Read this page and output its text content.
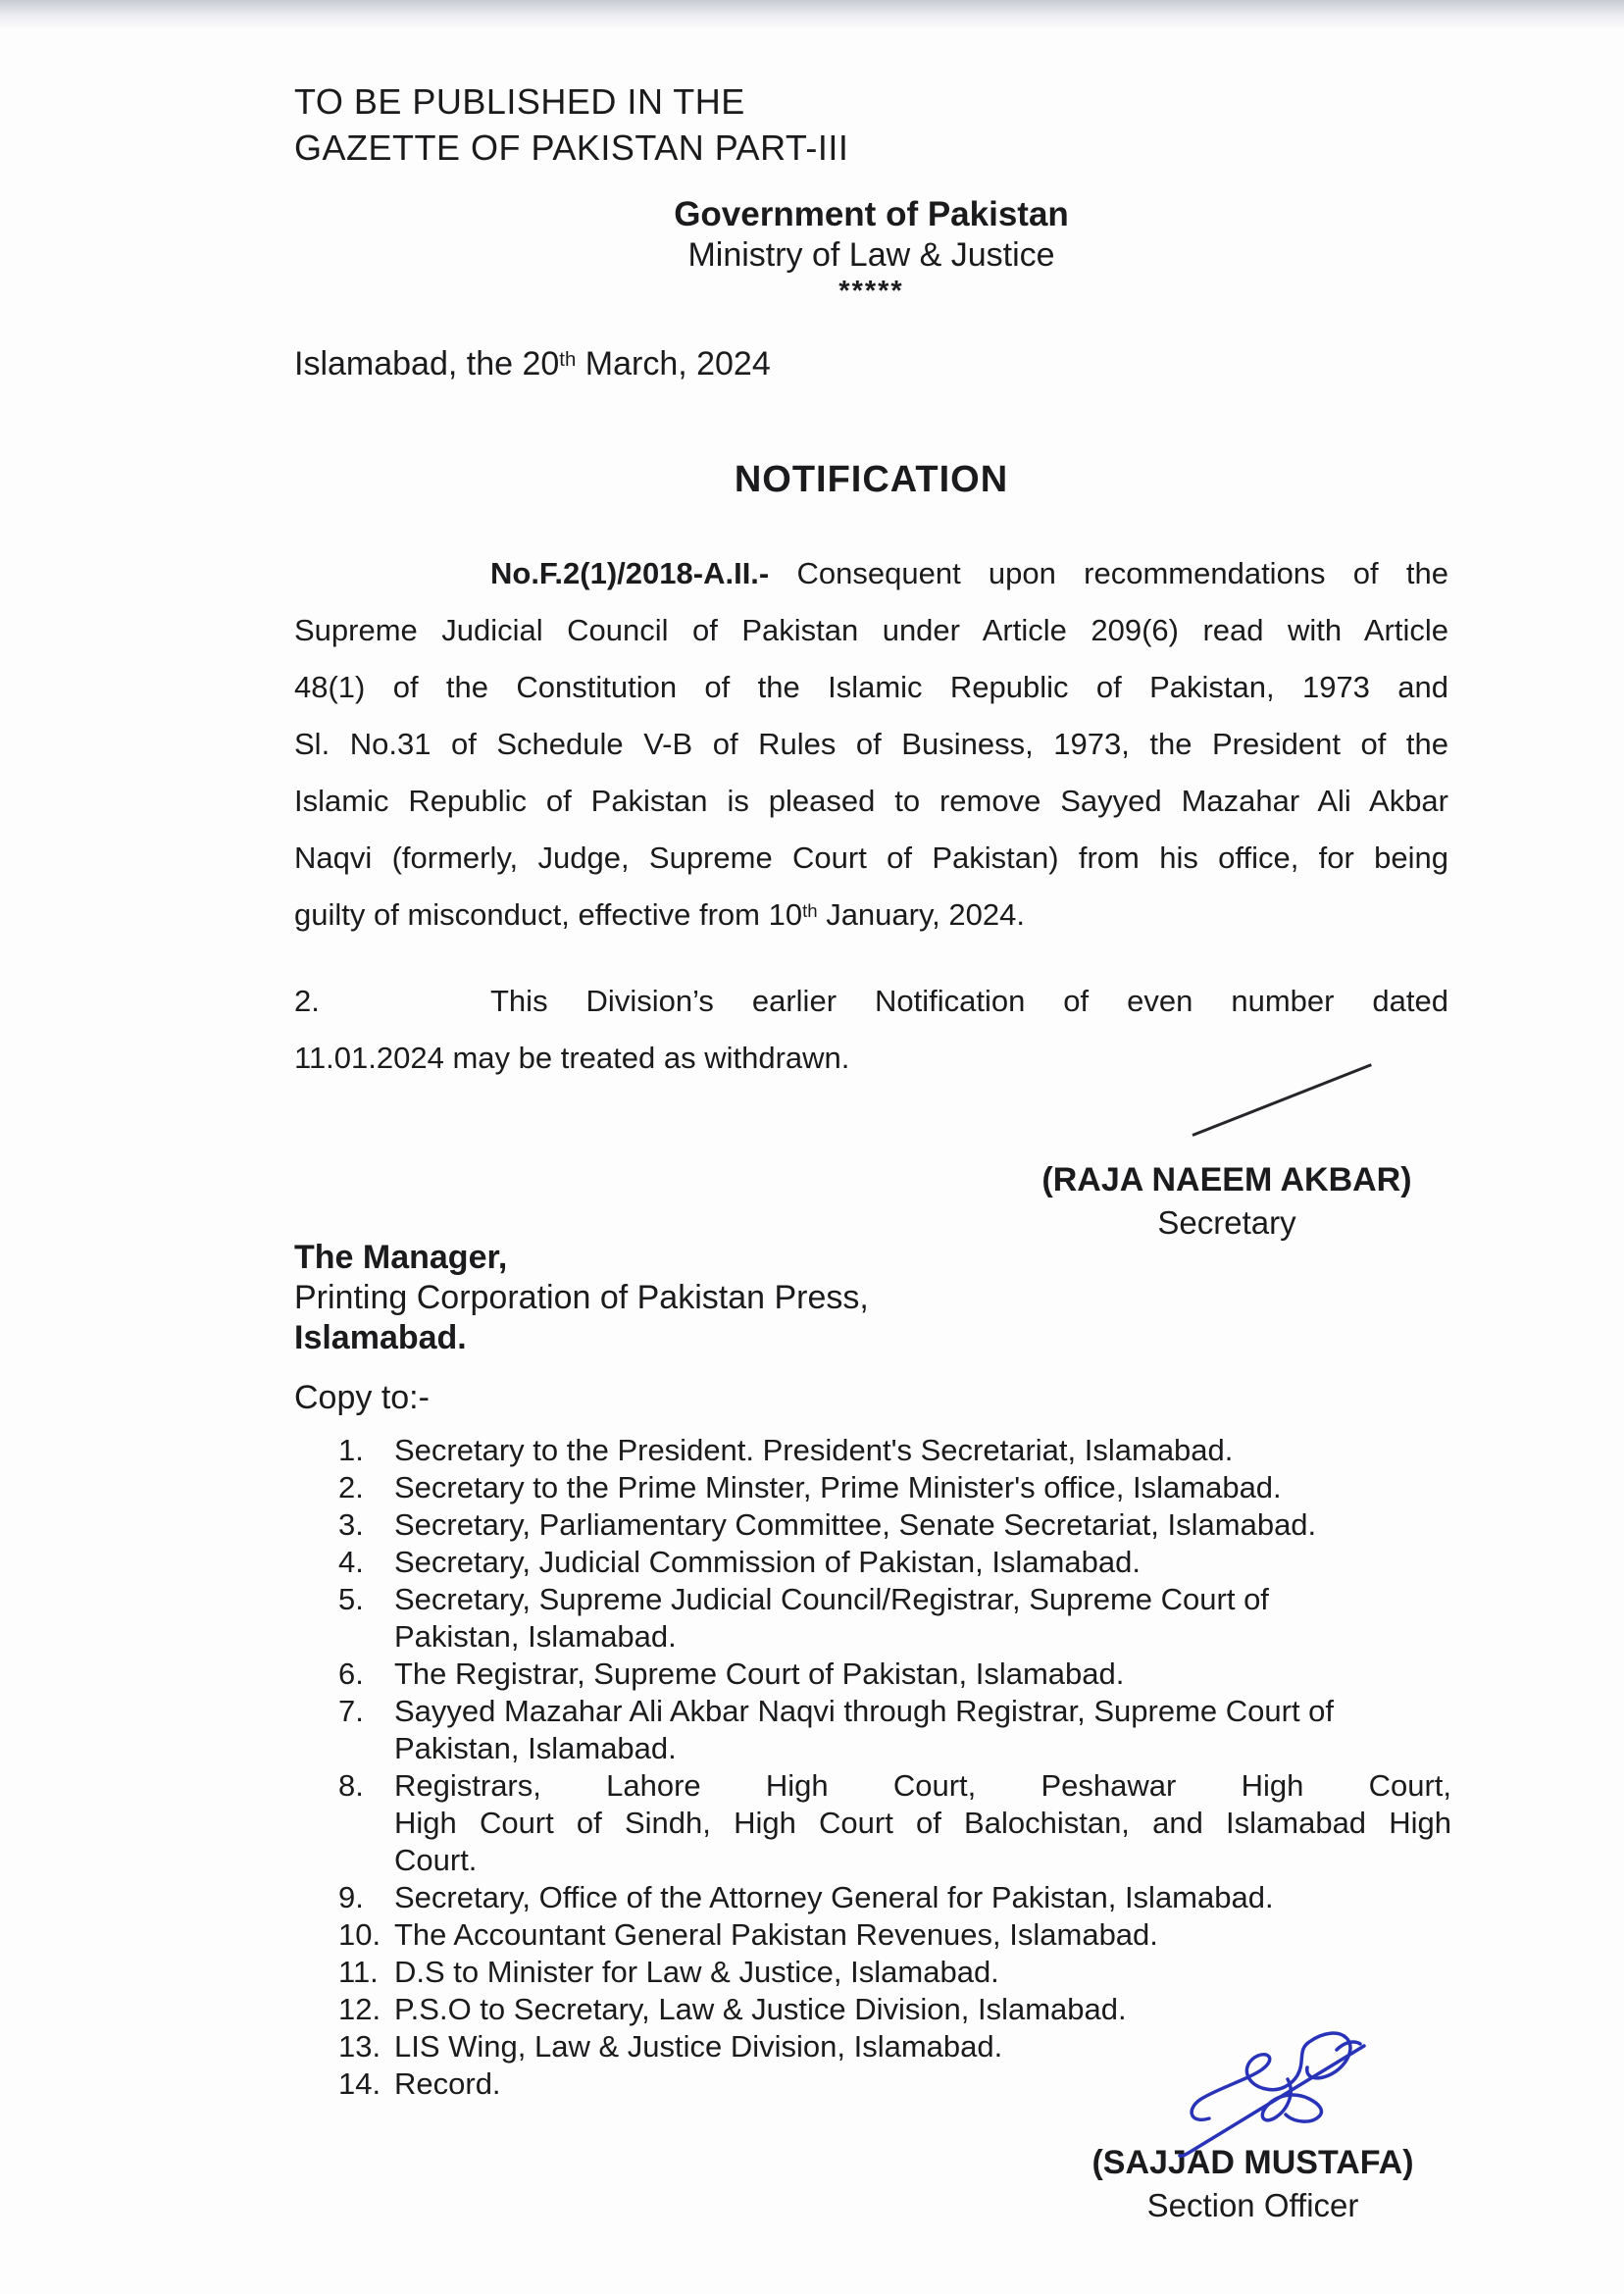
TO BE PUBLISHED IN THE
GAZETTE OF PAKISTAN PART-III
Government of Pakistan
Ministry of Law & Justice
*****
Islamabad, the 20th March, 2024
NOTIFICATION
No.F.2(1)/2018-A.II.- Consequent upon recommendations of the
Supreme Judicial Council of Pakistan under Article 209(6) read with Article
48(1) of the Constitution of the Islamic Republic of Pakistan, 1973 and
Sl. No.31 of Schedule V-B of Rules of Business, 1973, the President of the
Islamic Republic of Pakistan is pleased to remove Sayyed Mazahar Ali Akbar
Naqvi (formerly, Judge, Supreme Court of Pakistan) from his office, for being
guilty of misconduct, effective from 10th January, 2024.
2.	This Division’s earlier Notification of even number dated
11.01.2024 may be treated as withdrawn.
(RAJA NAEEM AKBAR)
Secretary
The Manager,
Printing Corporation of Pakistan Press,
Islamabad.
Copy to:-
1.	Secretary to the President. President's Secretariat, Islamabad.
2.	Secretary to the Prime Minster, Prime Minister's office, Islamabad.
3.	Secretary, Parliamentary Committee, Senate Secretariat, Islamabad.
4.	Secretary, Judicial Commission of Pakistan, Islamabad.
5.	Secretary, Supreme Judicial Council/Registrar, Supreme Court of
Pakistan, Islamabad.
6.	The Registrar, Supreme Court of Pakistan, Islamabad.
7.	Sayyed Mazahar Ali Akbar Naqvi through Registrar, Supreme Court of
Pakistan, Islamabad.
8.	Registrars, Lahore High Court, Peshawar High Court,
High Court of Sindh, High Court of Balochistan, and Islamabad High
Court.
9.	Secretary, Office of the Attorney General for Pakistan, Islamabad.
10. The Accountant General Pakistan Revenues, Islamabad.
11. D.S to Minister for Law & Justice, Islamabad.
12. P.S.O to Secretary, Law & Justice Division, Islamabad.
13. LIS Wing, Law & Justice Division, Islamabad.
14. Record.
(SAJJAD MUSTAFA)
Section Officer
